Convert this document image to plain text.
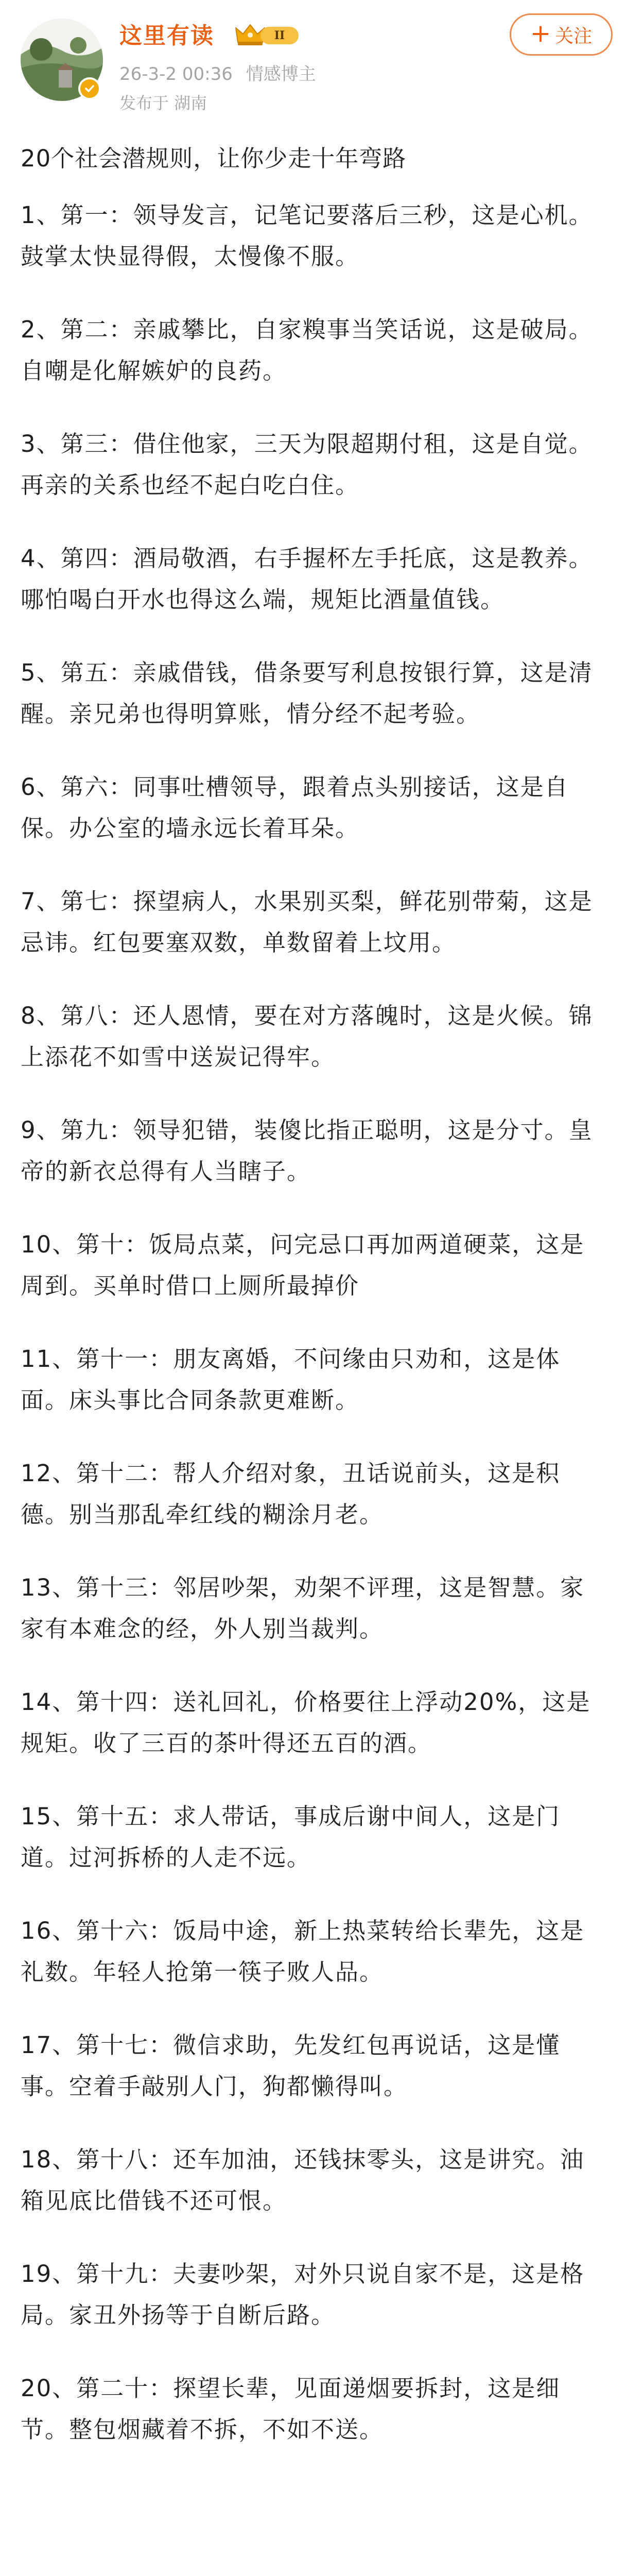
这里有读	II
26-3-2 00:36 情感博主
发布于 湖南
+ 关注

20个社会潜规则，让你少走十年弯路

1、第一：领导发言，记笔记要落后三秒，这是心机。鼓掌太快显得假，太慢像不服。

2、第二：亲戚攀比，自家糗事当笑话说，这是破局。自嘲是化解嫉妒的良药。

3、第三：借住他家，三天为限超期付租，这是自觉。再亲的关系也经不起白吃白住。

4、第四：酒局敬酒，右手握杯左手托底，这是教养。哪怕喝白开水也得这么端，规矩比酒量值钱。

5、第五：亲戚借钱，借条要写利息按银行算，这是清醒。亲兄弟也得明算账，情分经不起考验。

6、第六：同事吐槽领导，跟着点头别接话，这是自保。办公室的墙永远长着耳朵。

7、第七：探望病人，水果别买梨，鲜花别带菊，这是忌讳。红包要塞双数，单数留着上坟用。

8、第八：还人恩情，要在对方落魄时，这是火候。锦上添花不如雪中送炭记得牢。

9、第九：领导犯错，装傻比指正聪明，这是分寸。皇帝的新衣总得有人当瞎子。

10、第十：饭局点菜，问完忌口再加两道硬菜，这是周到。买单时借口上厕所最掉价

11、第十一：朋友离婚，不问缘由只劝和，这是体面。床头事比合同条款更难断。

12、第十二：帮人介绍对象，丑话说前头，这是积德。别当那乱牵红线的糊涂月老。

13、第十三：邻居吵架，劝架不评理，这是智慧。家家有本难念的经，外人别当裁判。

14、第十四：送礼回礼，价格要往上浮动20%，这是规矩。收了三百的茶叶得还五百的酒。

15、第十五：求人带话，事成后谢中间人，这是门道。过河拆桥的人走不远。

16、第十六：饭局中途，新上热菜转给长辈先，这是礼数。年轻人抢第一筷子败人品。

17、第十七：微信求助，先发红包再说话，这是懂事。空着手敲别人门，狗都懒得叫。

18、第十八：还车加油，还钱抹零头，这是讲究。油箱见底比借钱不还可恨。

19、第十九：夫妻吵架，对外只说自家不是，这是格局。家丑外扬等于自断后路。

20、第二十：探望长辈，见面递烟要拆封，这是细节。整包烟藏着不拆，不如不送。
